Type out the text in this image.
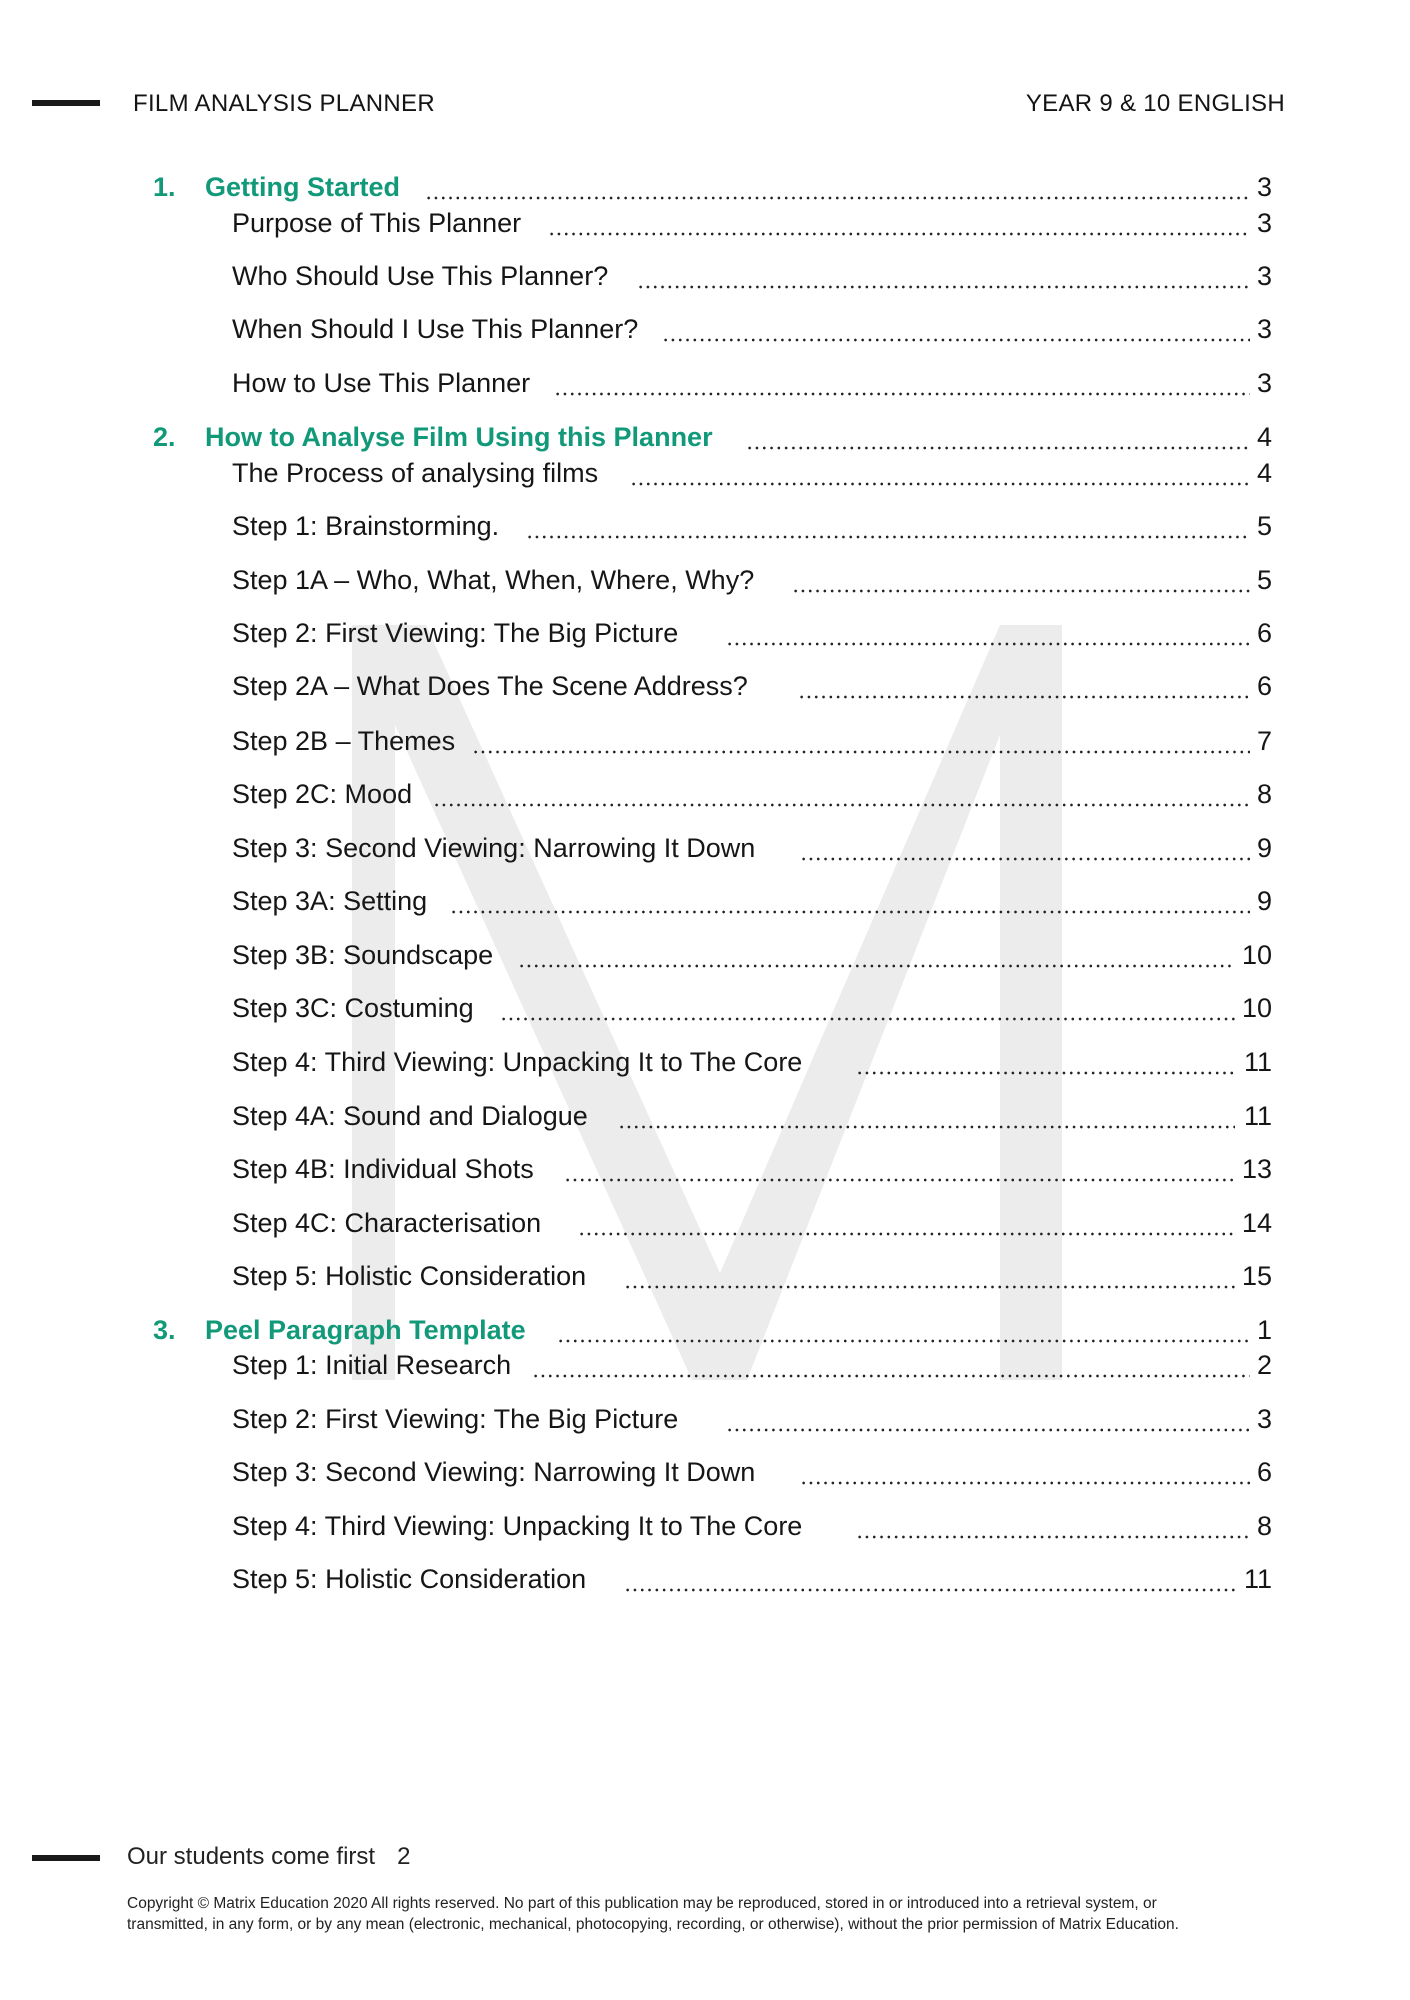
FILM ANALYSIS PLANNER	YEAR 9 & 10 ENGLISH
1. Getting Started	3
Purpose of This Planner	3
Who Should Use This Planner?	3
When Should I Use This Planner?	3
How to Use This Planner	3
2. How to Analyse Film Using this Planner	4
The Process of analysing films	4
Step 1: Brainstorming.	5
Step 1A – Who, What, When, Where, Why?	5
Step 2: First Viewing: The Big Picture	6
Step 2A – What Does The Scene Address?	6
Step 2B – Themes	7
Step 2C: Mood	8
Step 3: Second Viewing: Narrowing It Down	9
Step 3A: Setting	9
Step 3B: Soundscape	10
Step 3C: Costuming	10
Step 4: Third Viewing: Unpacking It to The Core	11
Step 4A: Sound and Dialogue	11
Step 4B: Individual Shots	13
Step 4C: Characterisation	14
Step 5: Holistic Consideration	15
3. Peel Paragraph Template	1
Step 1: Initial Research	2
Step 2: First Viewing: The Big Picture	3
Step 3: Second Viewing: Narrowing It Down	6
Step 4: Third Viewing: Unpacking It to The Core	8
Step 5: Holistic Consideration	11
Our students come first 2
Copyright © Matrix Education 2020 All rights reserved. No part of this publication may be reproduced, stored in or introduced into a retrieval system, or
transmitted, in any form, or by any mean (electronic, mechanical, photocopying, recording, or otherwise), without the prior permission of Matrix Education.
